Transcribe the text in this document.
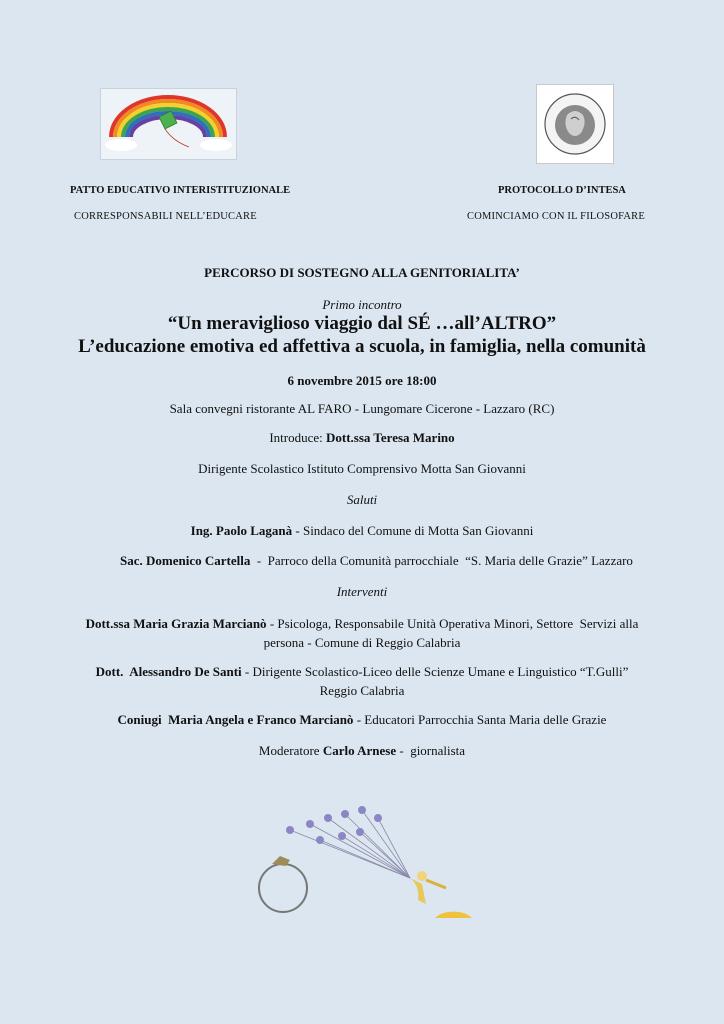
PATTO EDUCATIVO INTERISTITUZIONALE
CORRESPONSABILI NELL’EDUCARE
PROTOCOLLO D’INTESA
COMINCIAMO CON IL FILOSOFARE
PERCORSO DI SOSTEGNO ALLA GENITORIALITA’
Primo incontro
“Un meraviglioso viaggio dal SÉ …all’ALTRO”
L’educazione emotiva ed affettiva a scuola, in famiglia, nella comunità
6 novembre 2015 ore 18:00
Sala convegni ristorante AL FARO - Lungomare Cicerone - Lazzaro (RC)
Introduce: Dott.ssa Teresa Marino
Dirigente Scolastico Istituto Comprensivo Motta San Giovanni
Saluti
Ing. Paolo Laganà - Sindaco del Comune di Motta San Giovanni
Sac. Domenico Cartella  -  Parroco della Comunità parrocchiale  “S. Maria delle Grazie” Lazzaro
Interventi
Dott.ssa Maria Grazia Marcianò - Psicologa, Responsabile Unità Operativa Minori, Settore  Servizi alla
persona - Comune di Reggio Calabria
Dott.  Alessandro De Santi - Dirigente Scolastico-Liceo delle Scienze Umane e Linguistico “T.Gulli”
Reggio Calabria
Coniugi  Maria Angela e Franco Marcianò - Educatori Parrocchia Santa Maria delle Grazie
Moderatore Carlo Arnese -  giornalista
